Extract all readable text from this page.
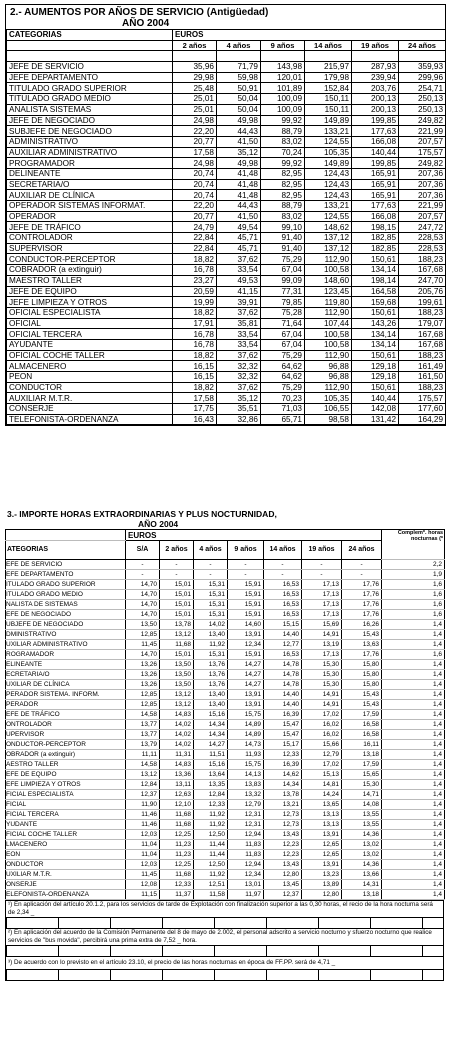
2.- AUMENTOS POR AÑOS DE SERVICIO (Antigüedad)
AÑO 2004
CATEGORIAS	EUROS					
	2 años	4 años	9 años	14 años	19 años	24 años

JEFE DE SERVICIO	35,96	71,79	143,98	215,97	287,93	359,93
JEFE DEPARTAMENTO	29,98	59,98	120,01	179,98	239,94	299,96
TITULADO GRADO SUPERIOR	25,48	50,91	101,89	152,84	203,76	254,71
TITULADO GRADO MEDIO	25,01	50,04	100,09	150,11	200,13	250,13
ANALISTA SISTEMAS	25,01	50,04	100,09	150,11	200,13	250,13
JEFE DE NEGOCIADO	24,98	49,98	99,92	149,89	199,85	249,82
SUBJEFE DE NEGOCIADO	22,20	44,43	88,79	133,21	177,63	221,99
ADMINISTRATIVO	20,77	41,50	83,02	124,55	166,08	207,57
AUXILIAR ADMINISTRATIVO	17,58	35,12	70,24	105,35	140,44	175,57
PROGRAMADOR	24,98	49,98	99,92	149,89	199,85	249,82
DELINEANTE	20,74	41,48	82,95	124,43	165,91	207,36
SECRETARIA/O	20,74	41,48	82,95	124,43	165,91	207,36
AUXILIAR DE CLÍNICA	20,74	41,48	82,95	124,43	165,91	207,36
OPERADOR SISTEMAS INFORMAT.	22,20	44,43	88,79	133,21	177,63	221,99
OPERADOR	20,77	41,50	83,02	124,55	166,08	207,57
JEFE DE TRÁFICO	24,79	49,54	99,10	148,62	198,15	247,72
CONTROLADOR	22,84	45,71	91,40	137,12	182,85	228,53
SUPERVISOR	22,84	45,71	91,40	137,12	182,85	228,53
CONDUCTOR-PERCEPTOR	18,82	37,62	75,29	112,90	150,61	188,23
COBRADOR (a extinguir)	16,78	33,54	67,04	100,58	134,14	167,68
MAESTRO TALLER	23,27	49,53	99,09	148,60	198,14	247,70
JEFE DE EQUIPO	20,59	41,15	77,31	123,45	164,58	205,76
JEFE LIMPIEZA Y OTROS	19,99	39,91	79,85	119,80	159,68	199,61
OFICIAL ESPECIALISTA	18,82	37,62	75,28	112,90	150,61	188,23
OFICIAL	17,91	35,81	71,64	107,44	143,26	179,07
OFICIAL TERCERA	16,78	33,54	67,04	100,58	134,14	167,68
AYUDANTE	16,78	33,54	67,04	100,58	134,14	167,68
OFICIAL COCHE TALLER	18,82	37,62	75,29	112,90	150,61	188,23
ALMACENERO	16,15	32,32	64,62	96,88	129,18	161,49
PEON	16,15	32,32	64,62	96,88	129,18	161,50
CONDUCTOR	18,82	37,62	75,29	112,90	150,61	188,23
AUXILIAR M.T.R.	17,58	35,12	70,23	105,35	140,44	175,57
CONSERJE	17,75	35,51	71,03	106,55	142,08	177,60
TELEFONISTA-ORDENANZA	16,43	32,86	65,71	98,58	131,42	164,29
3.- IMPORTE HORAS EXTRAORDINARIAS Y PLUS NOCTURNIDAD,
AÑO 2004
	EUROS							Complem*. horas nocturnas (*
ATEGORIAS	S/A	2 años	4 años	9 años	14 años	19 años	24 años	
EFE DE SERVICIO	-	-	-	-	-	-	-	2,2
EFE DEPARTAMENTO	-	-	-	-	-	-	-	1,9
ITULADO GRADO SUPERIOR	14,70	15,01	15,31	15,91	16,53	17,13	17,76	1,6
ITULADO GRADO MEDIO	14,70	15,01	15,31	15,91	16,53	17,13	17,76	1,6
NALISTA DE SISTEMAS	14,70	15,01	15,31	15,91	16,53	17,13	17,76	1,6
EFE DE NEGOCIADO	14,70	15,01	15,31	15,91	16,53	17,13	17,76	1,6
UBJEFE DE NEGOCIADO	13,50	13,78	14,02	14,60	15,15	15,69	16,26	1,4
DMINISTRATIVO	12,85	13,12	13,40	13,91	14,40	14,91	15,43	1,4
UXILIAR ADMINISTRATIVO	11,45	11,68	11,92	12,34	12,77	13,19	13,63	1,4
ROGRAMADOR	14,70	15,01	15,31	15,91	16,53	17,13	17,76	1,6
ELINEANTE	13,26	13,50	13,76	14,27	14,78	15,30	15,80	1,4
ECRETARIA/O	13,26	13,50	13,76	14,27	14,78	15,30	15,80	1,4
UXILIAR DE CLÍNICA	13,26	13,50	13,76	14,27	14,78	15,30	15,80	1,4
PERADOR SISTEMA. INFORM.	12,85	13,12	13,40	13,91	14,40	14,91	15,43	1,4
PERADOR	12,85	13,12	13,40	13,91	14,40	14,91	15,43	1,4
EFE DE TRÁFICO	14,58	14,83	15,16	15,75	16,39	17,02	17,59	1,4
ONTROLADOR	13,77	14,02	14,34	14,89	15,47	16,02	16,58	1,4
UPERVISOR	13,77	14,02	14,34	14,89	15,47	16,02	16,58	1,4
ONDUCTOR-PERCEPTOR	13,79	14,02	14,27	14,73	15,17	15,66	16,11	1,4
OBRADOR (a extinguir)	11,11	11,31	11,51	11,93	12,33	12,79	13,18	1,4
AESTRO TALLER	14,58	14,83	15,16	15,75	16,39	17,02	17,59	1,4
EFE DE EQUIPO	13,12	13,36	13,64	14,13	14,62	15,13	15,65	1,4
EFE LIMPIEZA Y OTROS	12,84	13,11	13,35	13,83	14,34	14,81	15,30	1,4
FICIAL ESPECIALISTA	12,37	12,63	12,84	13,32	13,78	14,24	14,71	1,4
FICIAL	11,90	12,10	12,33	12,79	13,21	13,65	14,08	1,4
FICIAL TERCERA	11,46	11,68	11,92	12,31	12,73	13,13	13,55	1,4
YUDANTE	11,46	11,68	11,92	12,31	12,73	13,13	13,55	1,4
FICIAL COCHE TALLER	12,03	12,25	12,50	12,94	13,43	13,91	14,36	1,4
LMACENERO	11,04	11,23	11,44	11,83	12,23	12,65	13,02	1,4
EON	11,04	11,23	11,44	11,83	12,23	12,65	13,02	1,4
ONDUCTOR	12,03	12,25	12,50	12,94	13,43	13,91	14,36	1,4
UXILIAR M.T.R.	11,45	11,68	11,92	12,34	12,80	13,23	13,66	1,4
ONSERJE	12,08	12,33	12,51	13,01	13,45	13,89	14,31	1,4
ELEFONISTA-ORDENANZA	11,15	11,37	11,58	11,97	12,37	12,80	13,18	1,4
¹) En aplicación del artículo 20.1.2, para los servicios de tarde de Explotación con finalización superior a las 0,30 horas, el recio de la hora nocturna será de 2,34 _
²) En aplicación del acuerdo de la Comisión Permanente del 8 de mayo de 2.002, el personal adscrito a servicio nocturno y sfuerzo nocturno que realice servicios de "bus movida", percibirá una prima extra de 7,52 _ hora.
³) De acuerdo con lo previsto en el artículo 23.10, el precio de las horas nocturnas en época de FF.PP. será de 4,71 _
